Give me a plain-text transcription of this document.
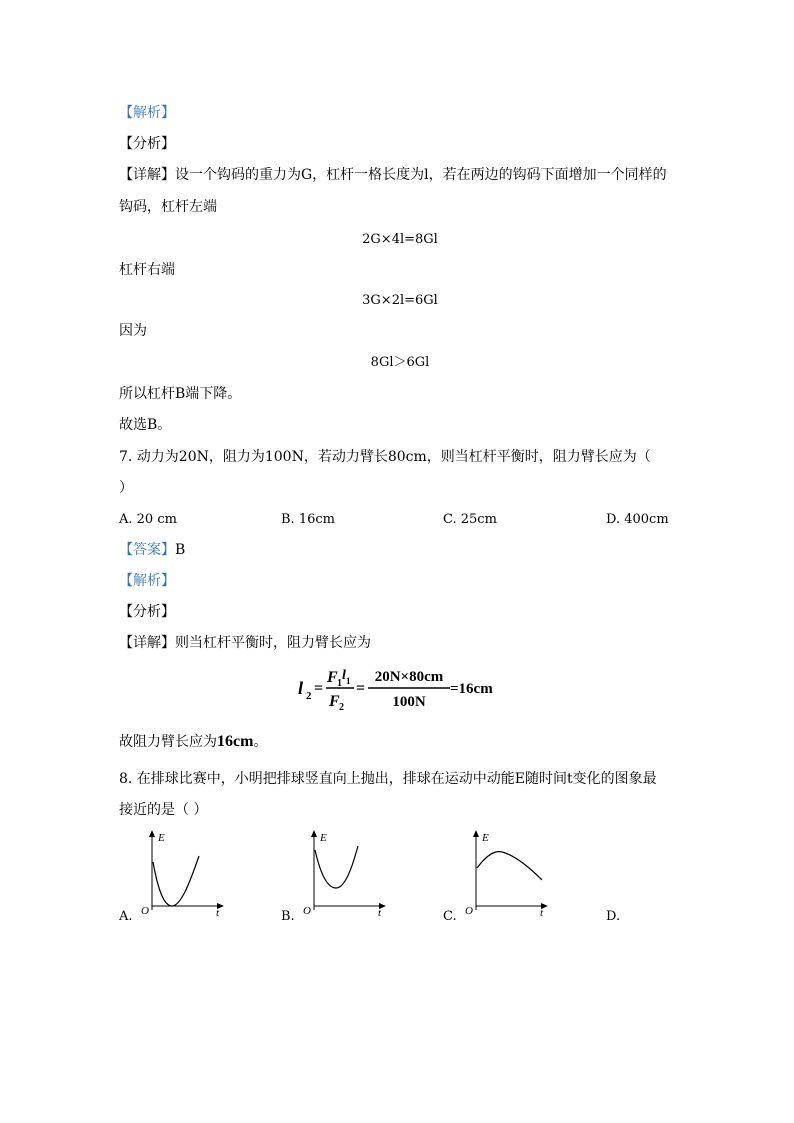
【解析】
【分析】
【详解】设一个钩码的重力为G，杠杆一格长度为l，若在两边的钩码下面增加一个同样的
钩码，杠杆左端
2G×4l=8Gl
杠杆右端
3G×2l=6Gl
因为
8Gl＞6Gl
所以杠杆B端下降。
故选B。
7. 动力为20N，阻力为100N，若动力臂长80cm，则当杠杆平衡时，阻力臂长应为（
）
A. 20 cm	B. 16cm	C. 25cm	D. 400cm
【答案】B
【解析】
【分析】
【详解】则当杠杆平衡时，阻力臂长应为
l 2 =
F 1
l 1
F 2
=
20N×80cm
100N
=16cm
故阻力臂长应为16cm。
8. 在排球比赛中，小明把排球竖直向上抛出，排球在运动中动能E随时间t变化的图象最
接近的是（ ）
E
O	t
A.
E
O	t
B.
E
O	t
C.	D.
